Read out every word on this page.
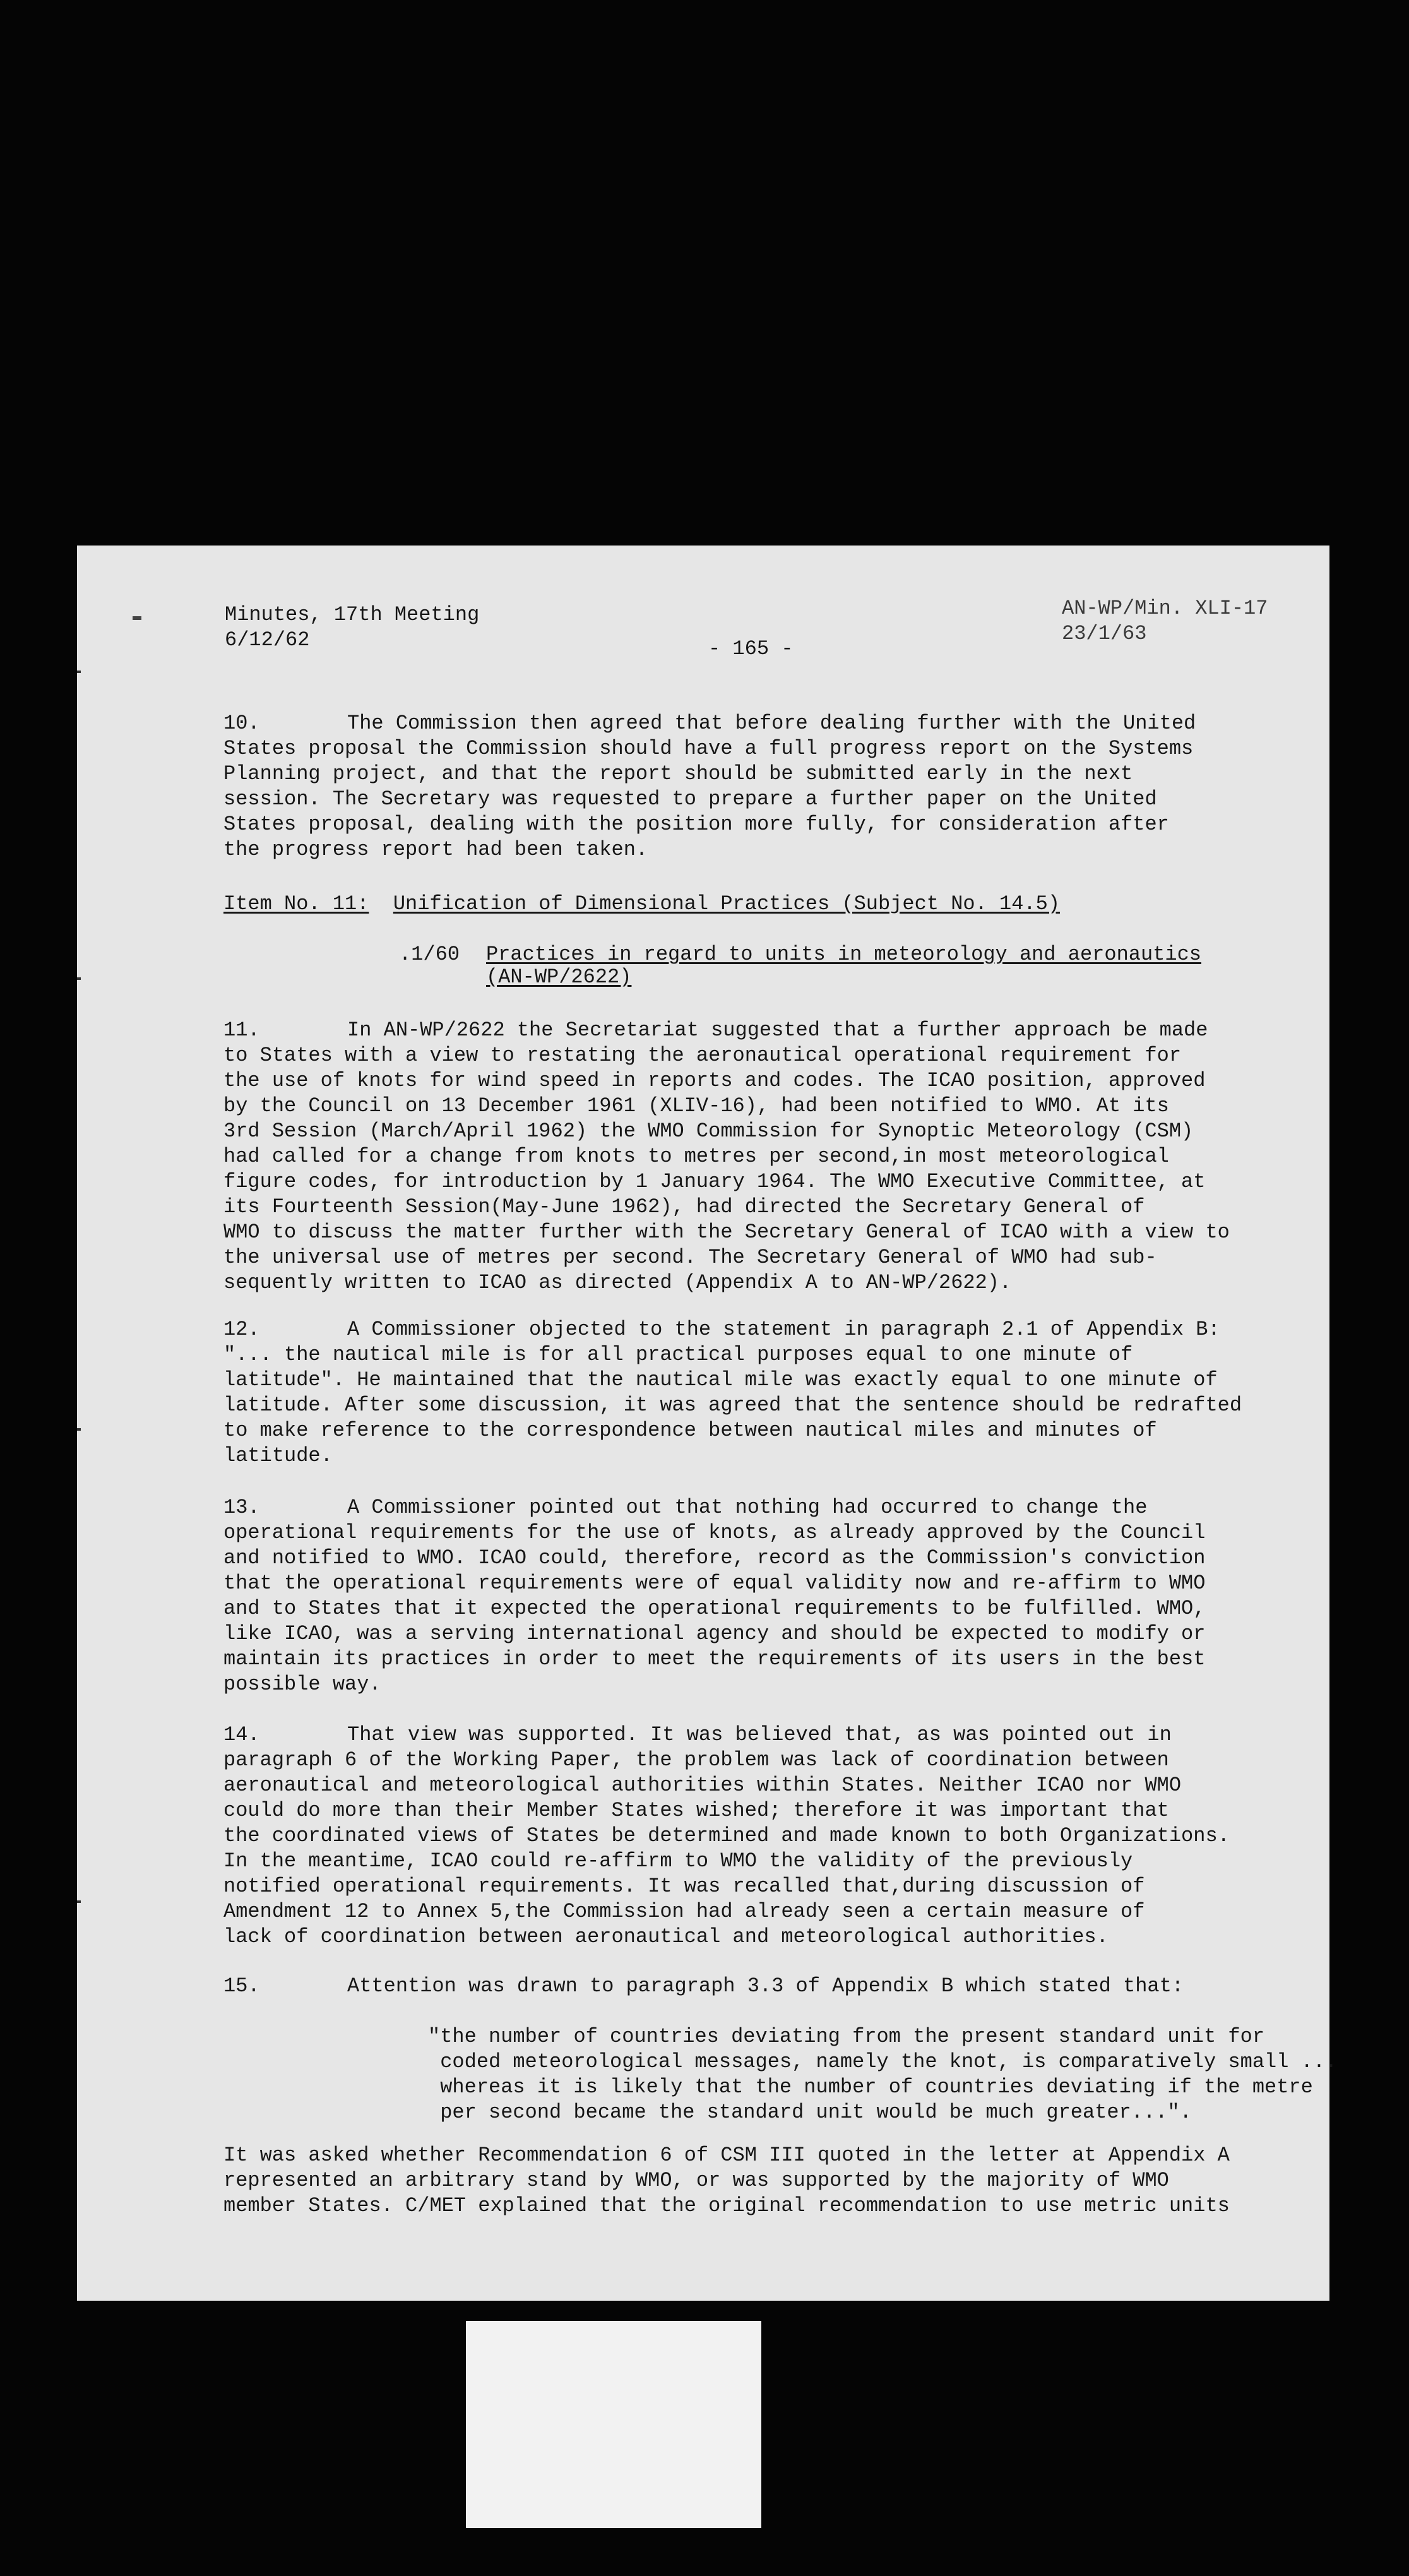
Minutes, 17th Meeting
6/12/62	- 165 -
AN-WP/Min. XLI-17
23/1/63

10.	The Commission then agreed that before dealing further with the United

States proposal the Commission should have a full progress report on the Systems

Planning project, and that the report should be submitted early in the next

session. The Secretary was requested to prepare a further paper on the United

States proposal, dealing with the position more fully, for consideration after

the progress report had been taken.

Item No. 11: Unification of Dimensional Practices (Subject No. 14.5)
.1/60 Practices in regard to units in meteorology and aeronautics
(AN-WP/2622)

11.	In AN-WP/2622 the Secretariat suggested that a further approach be made

to States with a view to restating the aeronautical operational requirement for

the use of knots for wind speed in reports and codes. The ICAO position, approved

by the Council on 13 December 1961 (XLIV-16), had been notified to WMO. At its

3rd Session (March/April 1962) the WMO Commission for Synoptic Meteorology (CSM)

had called for a change from knots to metres per second,in most meteorological

figure codes, for introduction by 1 January 1964. The WMO Executive Committee, at

its Fourteenth Session(May-June 1962), had directed the Secretary General of

WMO to discuss the matter further with the Secretary General of ICAO with a view to

the universal use of metres per second. The Secretary General of WMO had sub-

sequently written to ICAO as directed (Appendix A to AN-WP/2622).

12.	A Commissioner objected to the statement in paragraph 2.1 of Appendix B:

"... the nautical mile is for all practical purposes equal to one minute of

latitude". He maintained that the nautical mile was exactly equal to one minute of

latitude. After some discussion, it was agreed that the sentence should be redrafted

to make reference to the correspondence between nautical miles and minutes of

latitude.

13.	A Commissioner pointed out that nothing had occurred to change the

operational requirements for the use of knots, as already approved by the Council

and notified to WMO. ICAO could, therefore, record as the Commission's conviction

that the operational requirements were of equal validity now and re-affirm to WMO

and to States that it expected the operational requirements to be fulfilled. WMO,

like ICAO, was a serving international agency and should be expected to modify or

maintain its practices in order to meet the requirements of its users in the best

possible way.

14.	That view was supported. It was believed that, as was pointed out in

paragraph 6 of the Working Paper, the problem was lack of coordination between

aeronautical and meteorological authorities within States. Neither ICAO nor WMO

could do more than their Member States wished; therefore it was important that

the coordinated views of States be determined and made known to both Organizations.

In the meantime, ICAO could re-affirm to WMO the validity of the previously

notified operational requirements. It was recalled that,during discussion of

Amendment 12 to Annex 5,the Commission had already seen a certain measure of

lack of coordination between aeronautical and meteorological authorities.

15.	Attention was drawn to paragraph 3.3 of Appendix B which stated that:

"the number of countries deviating from the present standard unit for

coded meteorological messages, namely the knot, is comparatively small ...

whereas it is likely that the number of countries deviating if the metre

per second became the standard unit would be much greater...".

It was asked whether Recommendation 6 of CSM III quoted in the letter at Appendix A

represented an arbitrary stand by WMO, or was supported by the majority of WMO

member States. C/MET explained that the original recommendation to use metric units
